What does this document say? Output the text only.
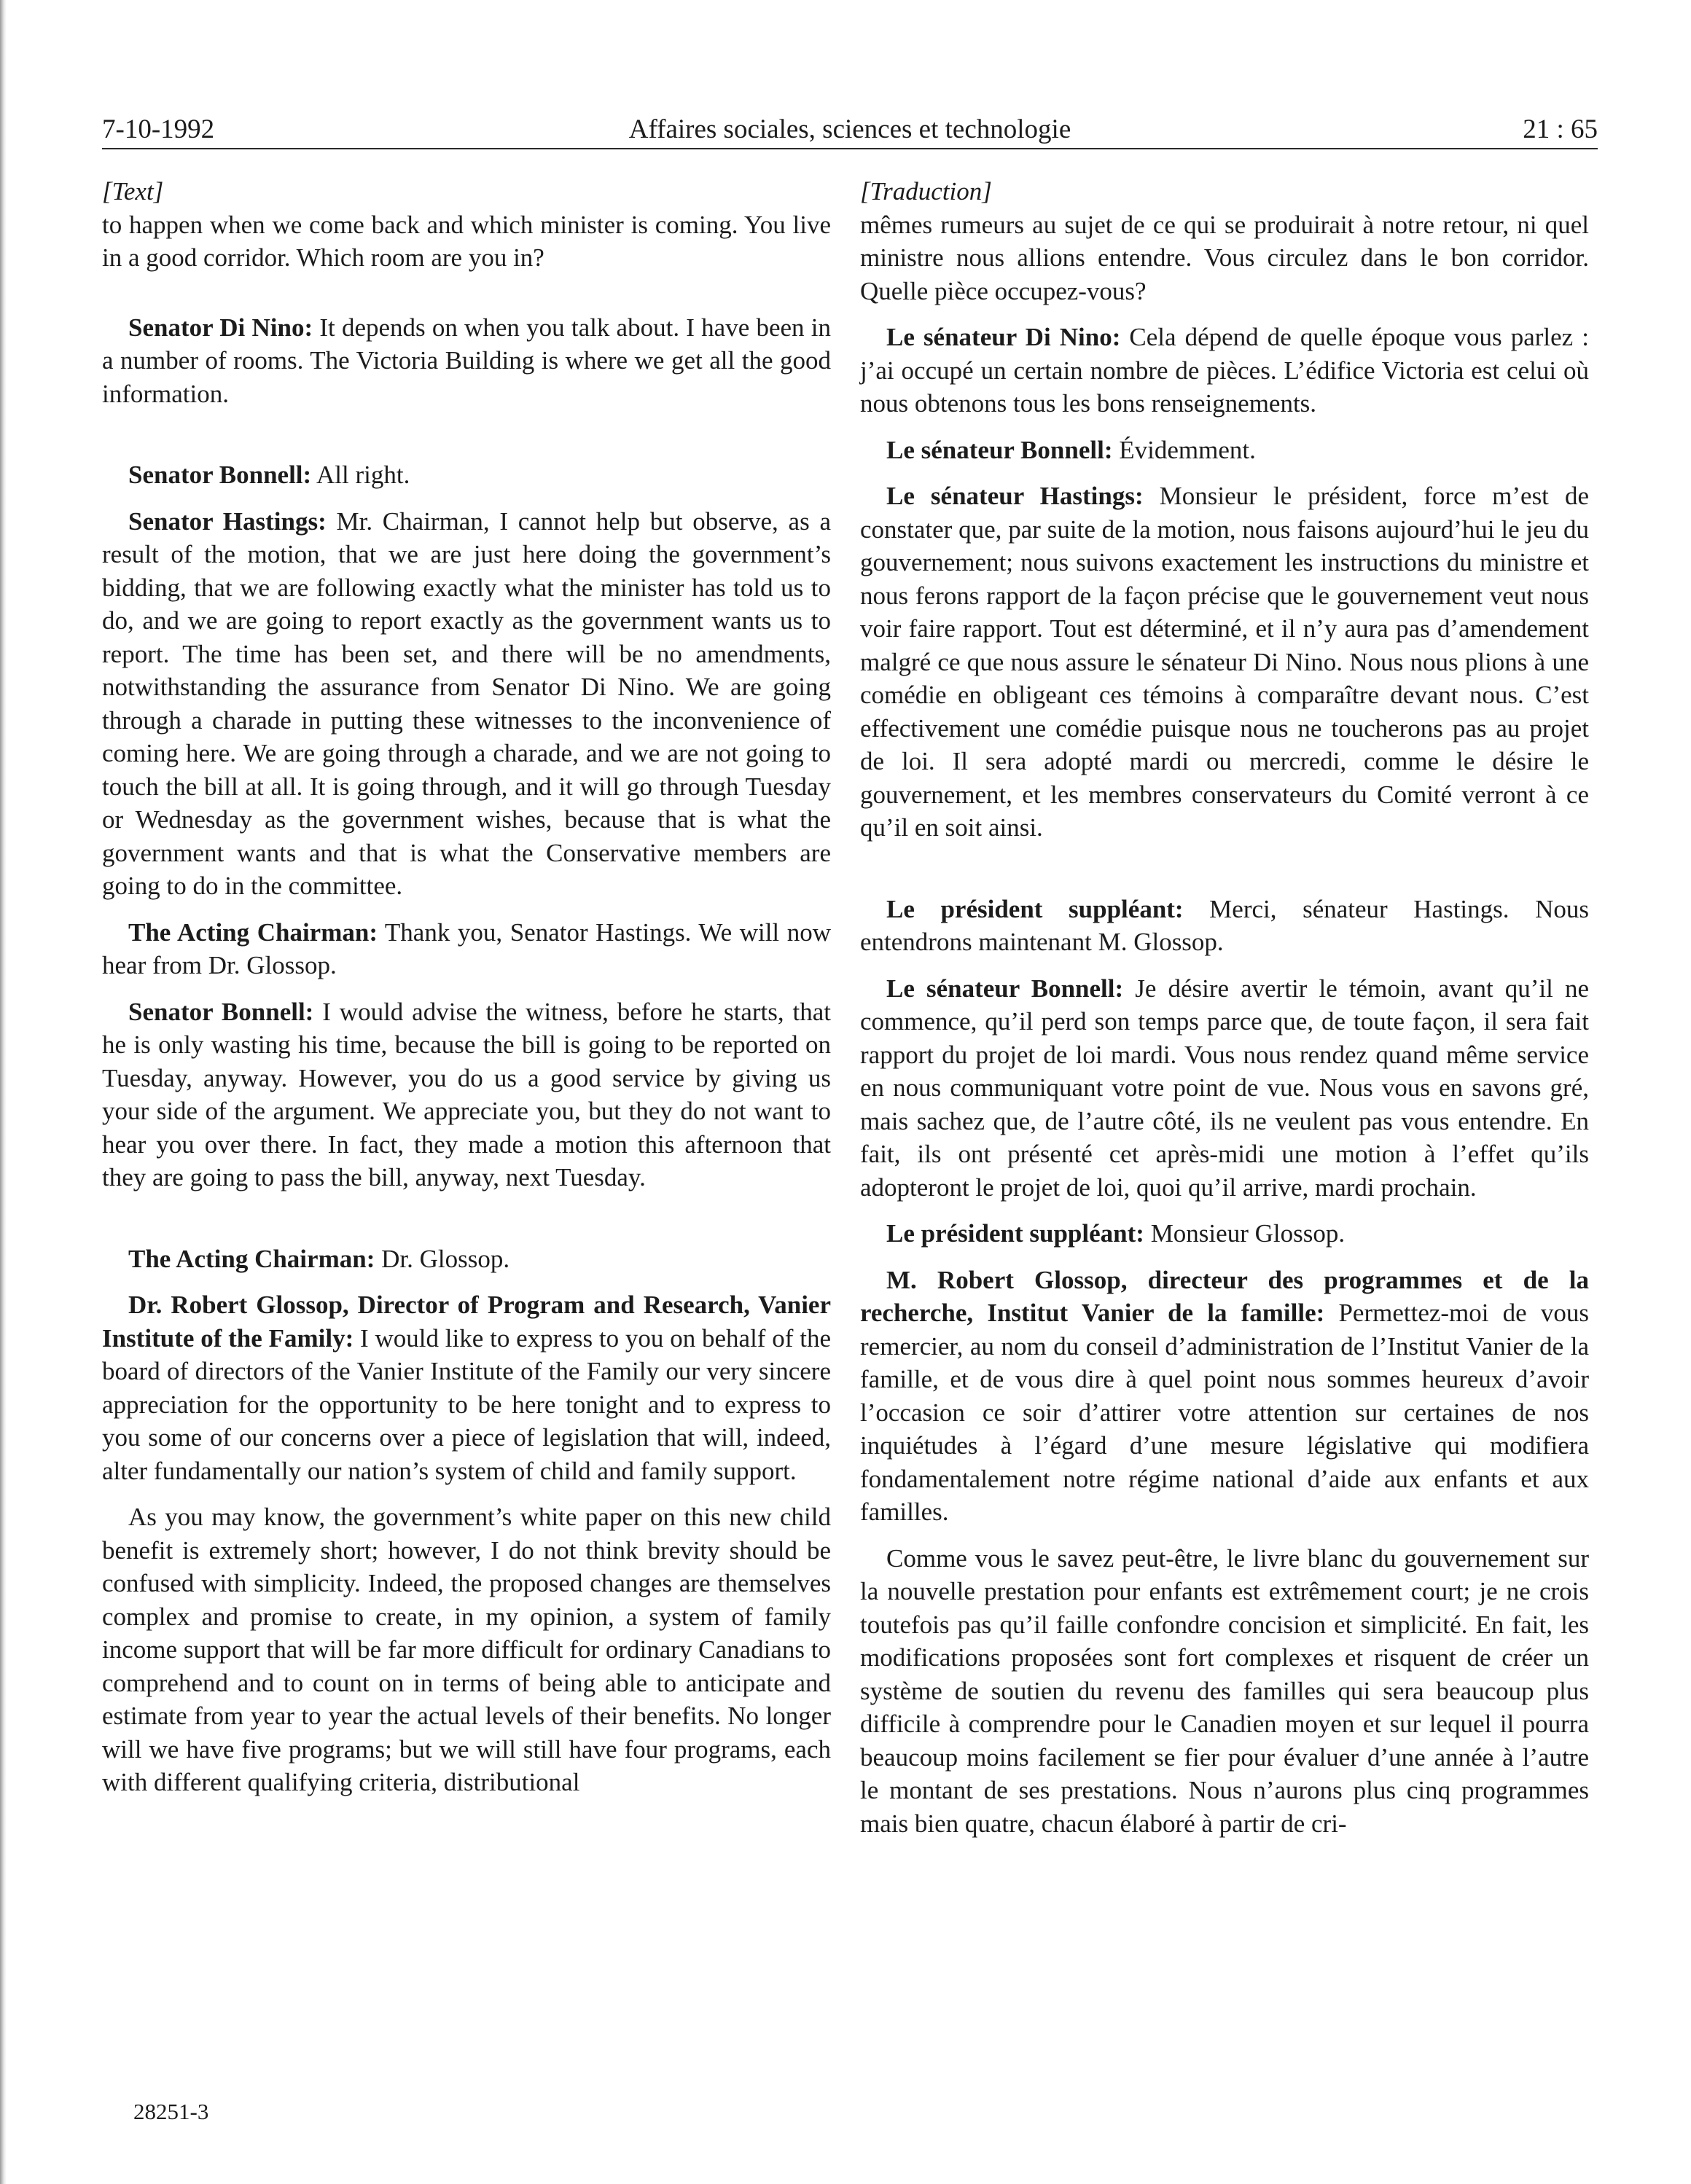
7-10-1992	Affaires sociales, sciences et technologie	21 : 65

[Text]

to happen when we come back and which minister is coming. You live in a good corridor. Which room are you in?

Senator Di Nino: It depends on when you talk about. I have been in a number of rooms. The Victoria Building is where we get all the good information.

Senator Bonnell: All right.

Senator Hastings: Mr. Chairman, I cannot help but observe, as a result of the motion, that we are just here doing the government’s bidding, that we are following exactly what the minister has told us to do, and we are going to report exactly as the government wants us to report. The time has been set, and there will be no amendments, notwithstanding the assurance from Senator Di Nino. We are going through a charade in putting these witnesses to the inconvenience of coming here. We are going through a charade, and we are not going to touch the bill at all. It is going through, and it will go through Tuesday or Wednesday as the government wishes, because that is what the government wants and that is what the Conservative members are going to do in the committee.

The Acting Chairman: Thank you, Senator Hastings. We will now hear from Dr. Glossop.

Senator Bonnell: I would advise the witness, before he starts, that he is only wasting his time, because the bill is going to be reported on Tuesday, anyway. However, you do us a good service by giving us your side of the argument. We appreciate you, but they do not want to hear you over there. In fact, they made a motion this afternoon that they are going to pass the bill, anyway, next Tuesday.

The Acting Chairman: Dr. Glossop.

Dr. Robert Glossop, Director of Program and Research, Vanier Institute of the Family: I would like to express to you on behalf of the board of directors of the Vanier Institute of the Family our very sincere appreciation for the opportunity to be here tonight and to express to you some of our concerns over a piece of legislation that will, indeed, alter fundamentally our nation’s system of child and family support.

As you may know, the government’s white paper on this new child benefit is extremely short; however, I do not think brevity should be confused with simplicity. Indeed, the proposed changes are themselves complex and promise to create, in my opinion, a system of family income support that will be far more difficult for ordinary Canadians to comprehend and to count on in terms of being able to anticipate and estimate from year to year the actual levels of their benefits. No longer will we have five programs; but we will still have four programs, each with different qualifying criteria, distributional

[Traduction]

mêmes rumeurs au sujet de ce qui se produirait à notre retour, ni quel ministre nous allions entendre. Vous circulez dans le bon corridor. Quelle pièce occupez-vous?

Le sénateur Di Nino: Cela dépend de quelle époque vous parlez : j’ai occupé un certain nombre de pièces. L’édifice Victoria est celui où nous obtenons tous les bons renseignements.

Le sénateur Bonnell: Évidemment.

Le sénateur Hastings: Monsieur le président, force m’est de constater que, par suite de la motion, nous faisons aujourd’hui le jeu du gouvernement; nous suivons exactement les instructions du ministre et nous ferons rapport de la façon précise que le gouvernement veut nous voir faire rapport. Tout est déterminé, et il n’y aura pas d’amendement malgré ce que nous assure le sénateur Di Nino. Nous nous plions à une comédie en obligeant ces témoins à comparaître devant nous. C’est effectivement une comédie puisque nous ne toucherons pas au projet de loi. Il sera adopté mardi ou mercredi, comme le désire le gouvernement, et les membres conservateurs du Comité verront à ce qu’il en soit ainsi.

Le président suppléant: Merci, sénateur Hastings. Nous entendrons maintenant M. Glossop.

Le sénateur Bonnell: Je désire avertir le témoin, avant qu’il ne commence, qu’il perd son temps parce que, de toute façon, il sera fait rapport du projet de loi mardi. Vous nous rendez quand même service en nous communiquant votre point de vue. Nous vous en savons gré, mais sachez que, de l’autre côté, ils ne veulent pas vous entendre. En fait, ils ont présenté cet après-midi une motion à l’effet qu’ils adopteront le projet de loi, quoi qu’il arrive, mardi prochain.

Le président suppléant: Monsieur Glossop.

M. Robert Glossop, directeur des programmes et de la recherche, Institut Vanier de la famille: Permettez-moi de vous remercier, au nom du conseil d’administration de l’Institut Vanier de la famille, et de vous dire à quel point nous sommes heureux d’avoir l’occasion ce soir d’attirer votre attention sur certaines de nos inquiétudes à l’égard d’une mesure législative qui modifiera fondamentalement notre régime national d’aide aux enfants et aux familles.

Comme vous le savez peut-être, le livre blanc du gouvernement sur la nouvelle prestation pour enfants est extrêmement court; je ne crois toutefois pas qu’il faille confondre concision et simplicité. En fait, les modifications proposées sont fort complexes et risquent de créer un système de soutien du revenu des familles qui sera beaucoup plus difficile à comprendre pour le Canadien moyen et sur lequel il pourra beaucoup moins facilement se fier pour évaluer d’une année à l’autre le montant de ses prestations. Nous n’aurons plus cinq programmes mais bien quatre, chacun élaboré à partir de cri-

28251-3
